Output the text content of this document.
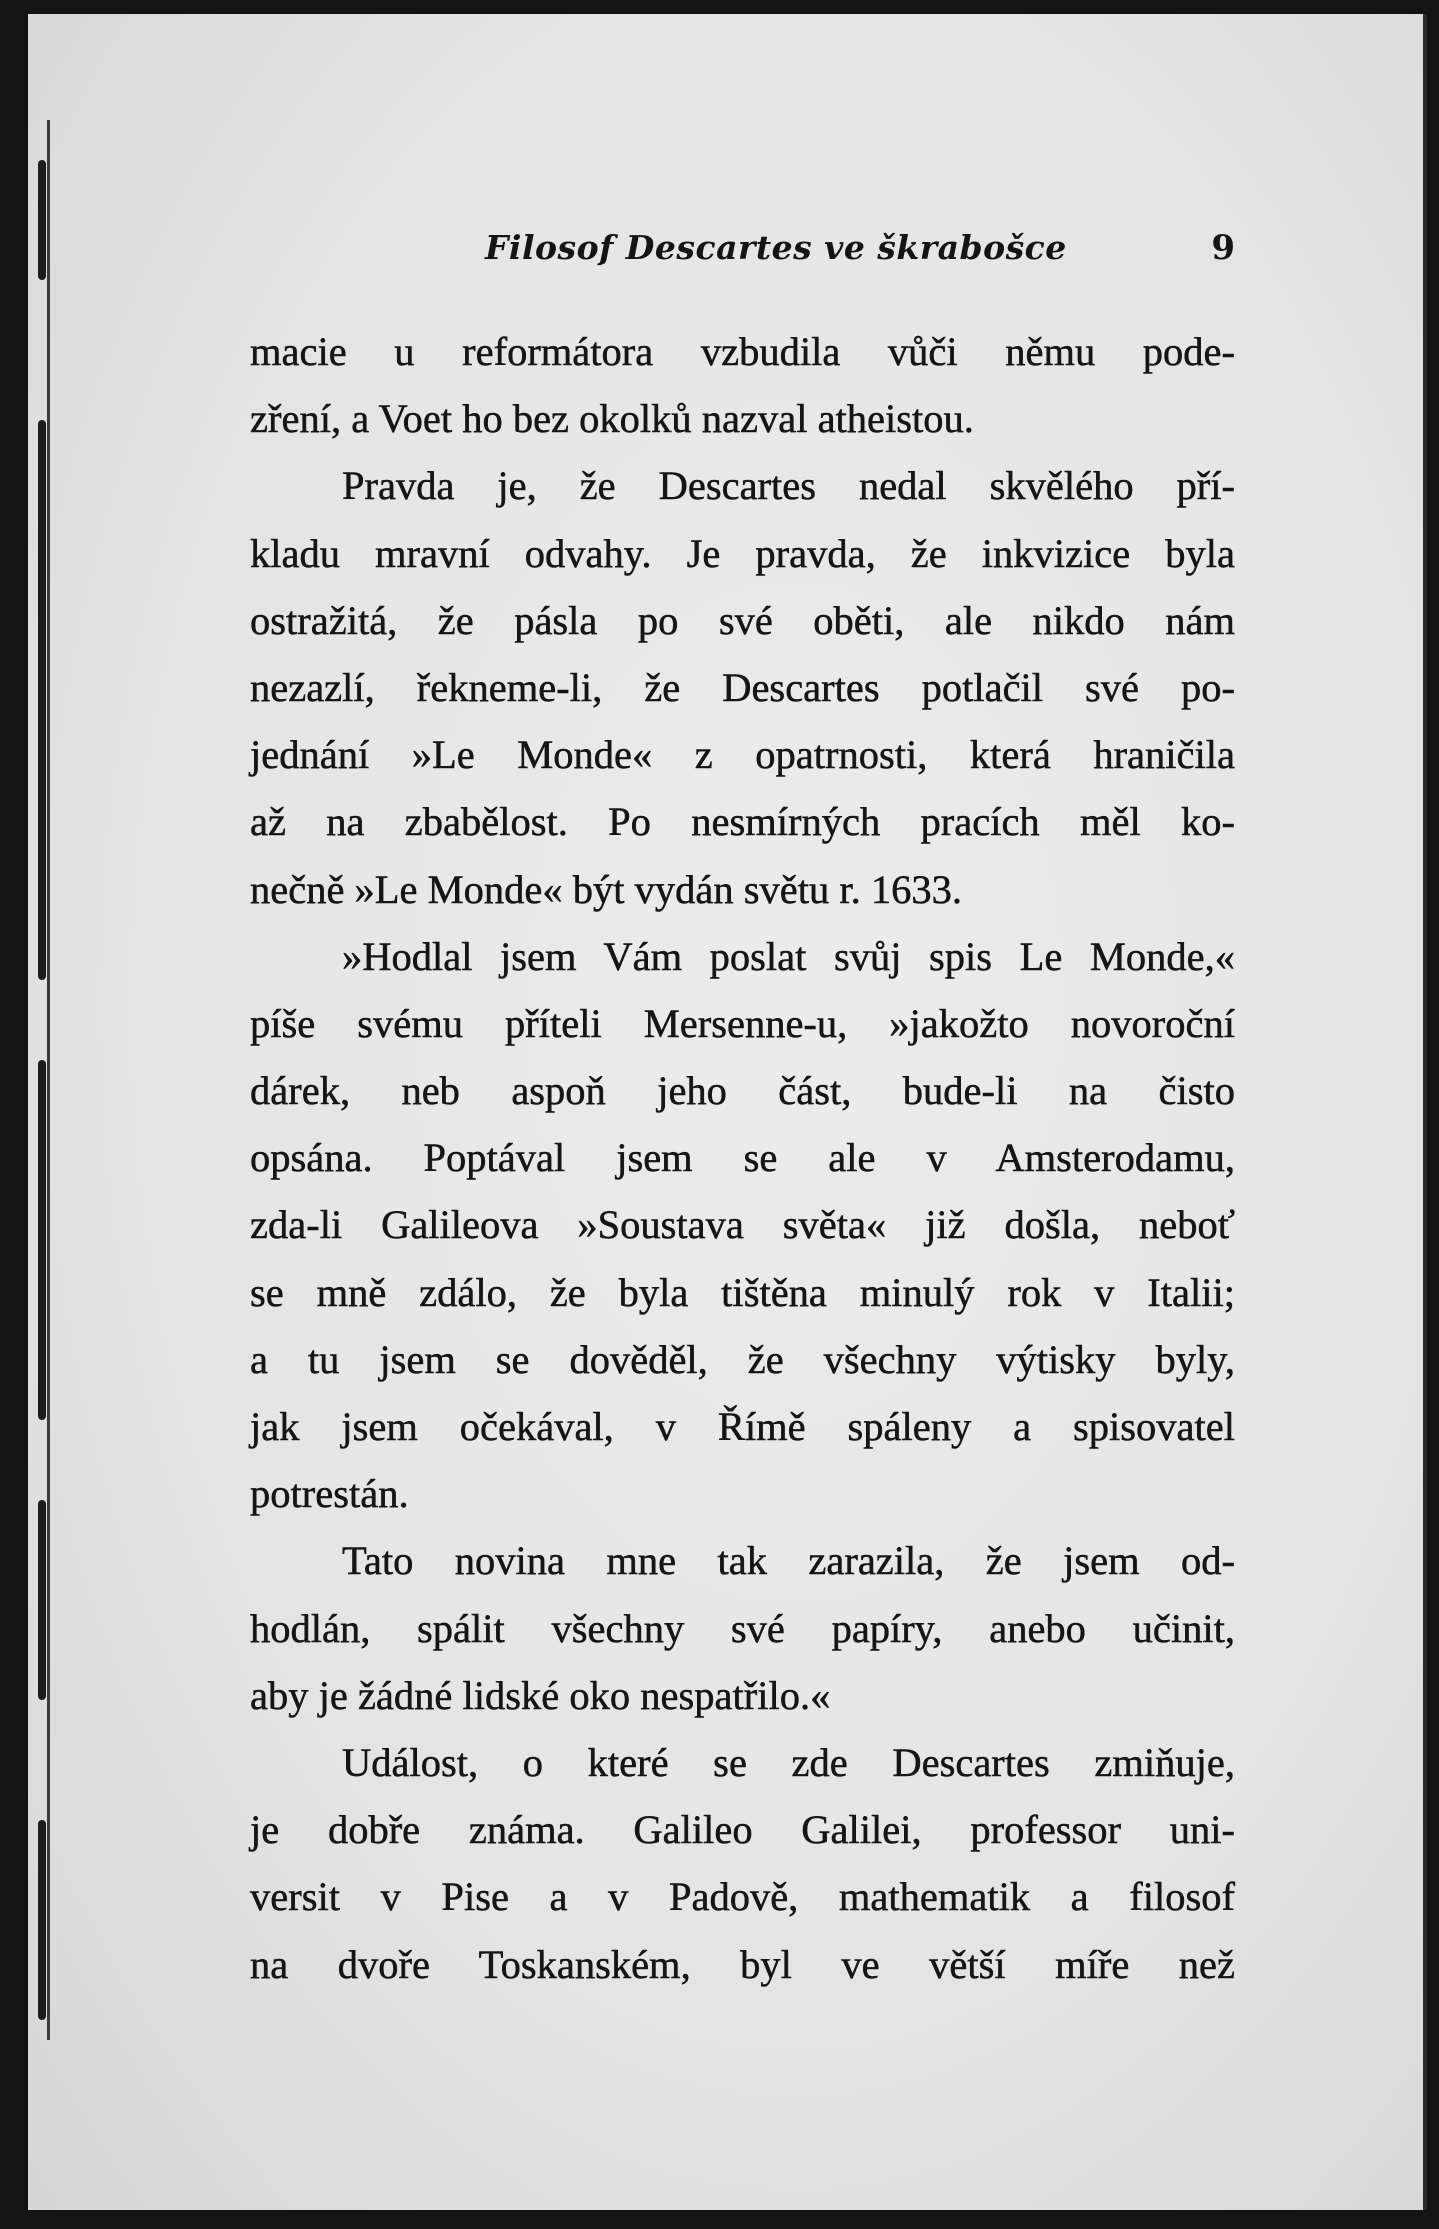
Filosof Descartes ve škrabošce	9
macie u reformátora vzbudila vůči němu pode-
zření, a Voet ho bez okolků nazval atheistou.
Pravda je, že Descartes nedal skvělého pří-
kladu mravní odvahy. Je pravda, že inkvizice byla
ostražitá, že pásla po své oběti, ale nikdo nám
nezazlí, řekneme-li, že Descartes potlačil své po-
jednání »Le Monde« z opatrnosti, která hraničila
až na zbabělost. Po nesmírných pracích měl ko-
nečně »Le Monde« být vydán světu r. 1633.
»Hodlal jsem Vám poslat svůj spis Le Monde,«
píše svému příteli Mersenne-u, »jakožto novoroční
dárek, neb aspoň jeho část, bude-li na čisto
opsána. Poptával jsem se ale v Amsterodamu,
zda-li Galileova »Soustava světa« již došla, neboť
se mně zdálo, že byla tištěna minulý rok v Italii;
a tu jsem se dověděl, že všechny výtisky byly,
jak jsem očekával, v Římě spáleny a spisovatel
potrestán.
Tato novina mne tak zarazila, že jsem od-
hodlán, spálit všechny své papíry, anebo učinit,
aby je žádné lidské oko nespatřilo.«
Událost, o které se zde Descartes zmiňuje,
je dobře známa. Galileo Galilei, professor uni-
versit v Pise a v Padově, mathematik a filosof
na dvoře Toskanském, byl ve větší míře než
